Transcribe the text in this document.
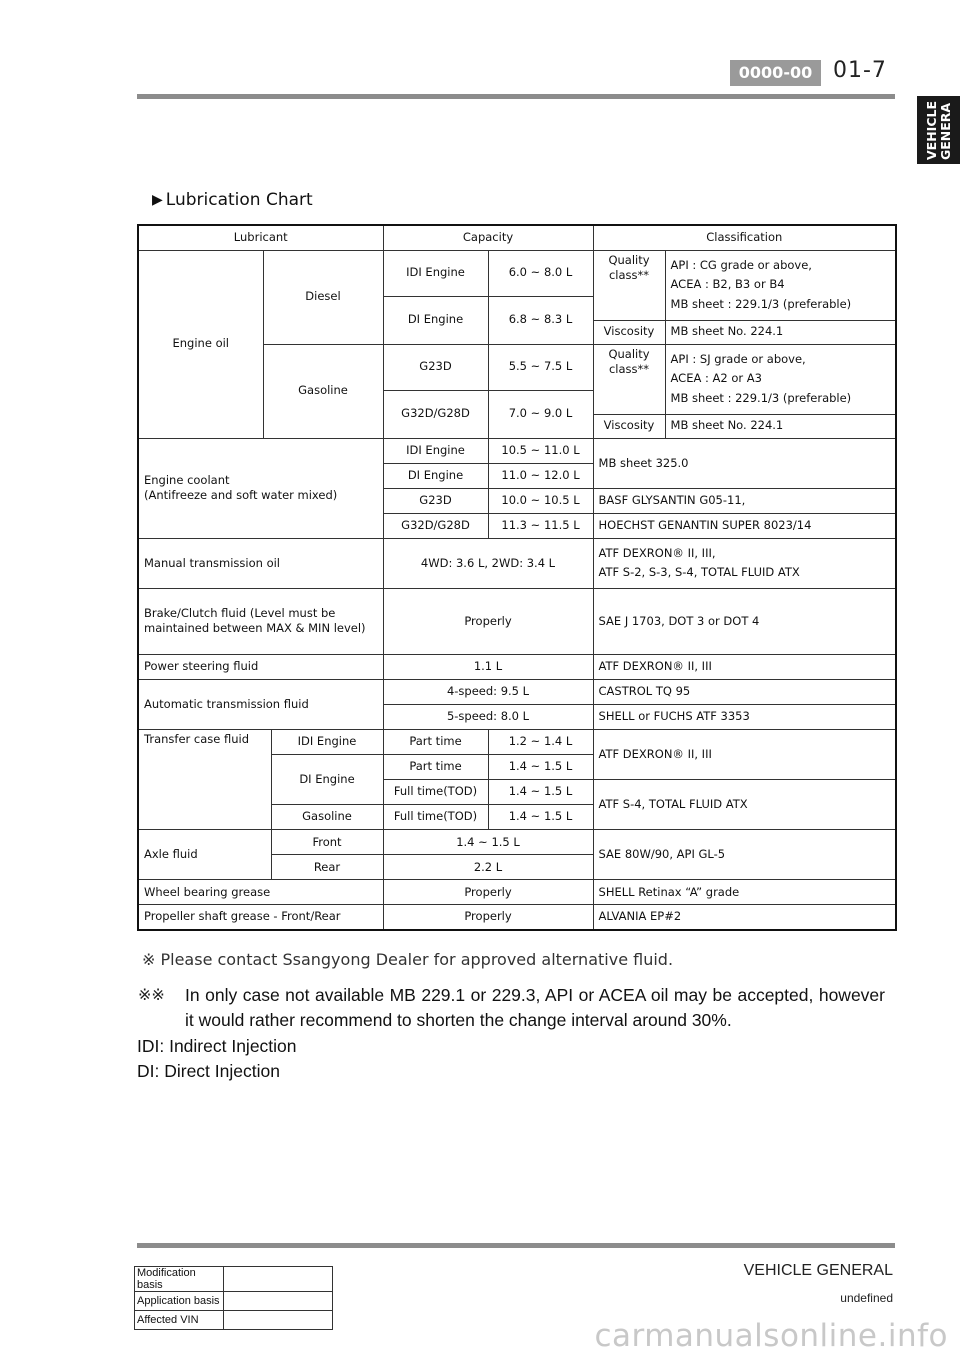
0000-00 01-7
VEHICLE GENERA
▶ Lubrication Chart
Lubricant			Capacity		Classification	
Engine oil	Diesel		IDI Engine	6.0 ~ 8.0 L	Quality class**	API : CG grade or above,
ACEA : B2, B3 or B4
MB sheet : 229.1/3 (preferable)

			DI Engine	6.8 ~ 8.3 L		

					Viscosity	MB sheet No. 224.1
	Gasoline		G23D	5.5 ~ 7.5 L	Quality class**	API : SJ grade or above,
ACEA : A2 or A3
MB sheet : 229.1/3 (preferable)

			G32D/G28D	7.0 ~ 9.0 L		

					Viscosity	MB sheet No. 224.1

Engine coolant
(Antifreeze and soft water mixed)			IDI Engine	10.5 ~ 11.0 L	MB sheet 325.0	
			DI Engine	11.0 ~ 12.0 L		
			G23D	10.0 ~ 10.5 L	BASF GLYSANTIN G05-11,	
			G32D/G28D	11.3 ~ 11.5 L	HOECHST GENANTIN SUPER 8023/14	
Manual transmission oil			4WD: 3.6 L, 2WD: 3.4 L		ATF DEXRON® II, III,
ATF S-2, S-3, S-4, TOTAL FLUID ATX	

Brake/Clutch fluid (Level must be maintained between MAX & MIN level)			Properly		SAE J 1703, DOT 3 or DOT 4	
Power steering fluid			1.1 L		ATF DEXRON® II, III	
Automatic transmission fluid			4-speed: 9.5 L		CASTROL TQ 95	
			5-speed: 8.0 L		SHELL or FUCHS ATF 3353	
Transfer case fluid		IDI Engine	Part time	1.2 ~ 1.4 L	ATF DEXRON® II, III	
		DI Engine	Part time	1.4 ~ 1.5 L		
			Full time(TOD)	1.4 ~ 1.5 L	ATF S-4, TOTAL FLUID ATX	
		Gasoline	Full time(TOD)	1.4 ~ 1.5 L		
Axle fluid		Front	1.4 ~ 1.5 L		SAE 80W/90, API GL-5	
		Rear	2.2 L			
Wheel bearing grease			Properly		SHELL Retinax “A” grade	
Propeller shaft grease - Front/Rear			Properly		ALVANIA EP#2	
※ Please contact Ssangyong Dealer for approved alternative fluid.
※※ In only case not available MB 229.1 or 229.3, API or ACEA oil may be accepted, however it would rather recommend to shorten the change interval around 30%.
IDI: Indirect Injection
DI: Direct Injection
VEHICLE GENERAL
undefined
Modification basis	
Application basis	
Affected VIN		carmanualsonline.info
